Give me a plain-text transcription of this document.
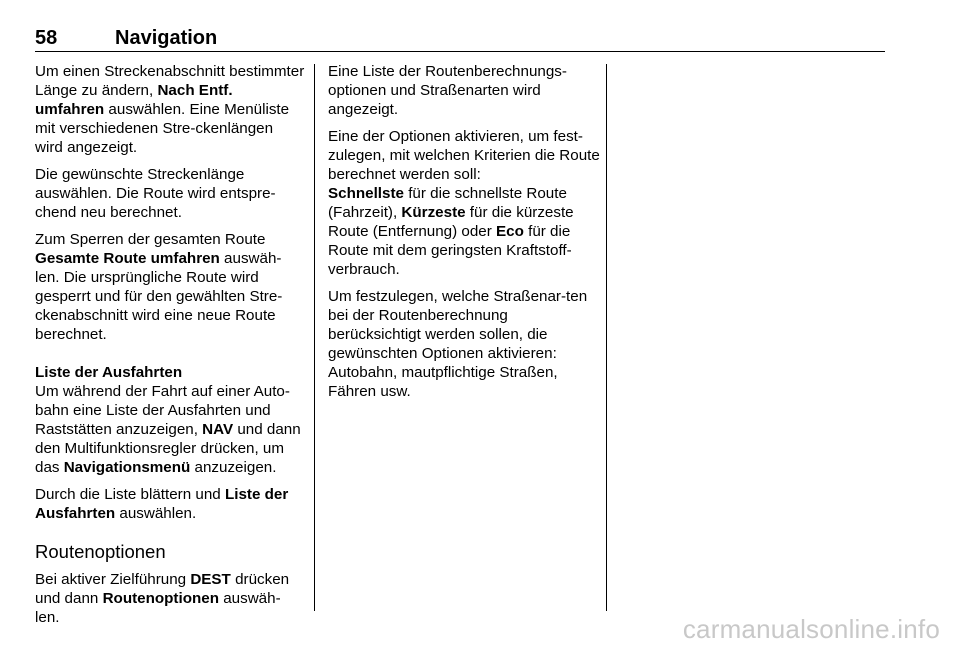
58	Navigation

Um einen Streckenabschnitt bestimmter Länge zu ändern, Nach Entf. umfahren auswählen. Eine Menüliste mit verschiedenen Stre‐ckenlängen wird angezeigt.

Die gewünschte Streckenlänge auswählen. Die Route wird entspre‐chend neu berechnet.

Zum Sperren der gesamten Route Gesamte Route umfahren auswäh‐len. Die ursprüngliche Route wird gesperrt und für den gewählten Stre‐ckenabschnitt wird eine neue Route berechnet.

Liste der Ausfahrten

Um während der Fahrt auf einer Auto‐bahn eine Liste der Ausfahrten und Raststätten anzuzeigen, NAV und dann den Multifunktionsregler drücken, um das Navigationsmenü anzuzeigen.

Durch die Liste blättern und Liste der Ausfahrten auswählen.

Routenoptionen

Bei aktiver Zielführung DEST drücken und dann Routenoptionen auswäh‐len.

Eine Liste der Routenberechnungs‐optionen und Straßenarten wird angezeigt.

Eine der Optionen aktivieren, um fest‐zulegen, mit welchen Kriterien die Route berechnet werden soll:

Schnellste für die schnellste Route (Fahrzeit), Kürzeste für die kürzeste Route (Entfernung) oder Eco für die Route mit dem geringsten Kraftstoff‐verbrauch.

Um festzulegen, welche Straßenar‐ten bei der Routenberechnung berücksichtigt werden sollen, die gewünschten Optionen aktivieren: Autobahn, mautpflichtige Straßen, Fähren usw.

carmanualsonline.info
